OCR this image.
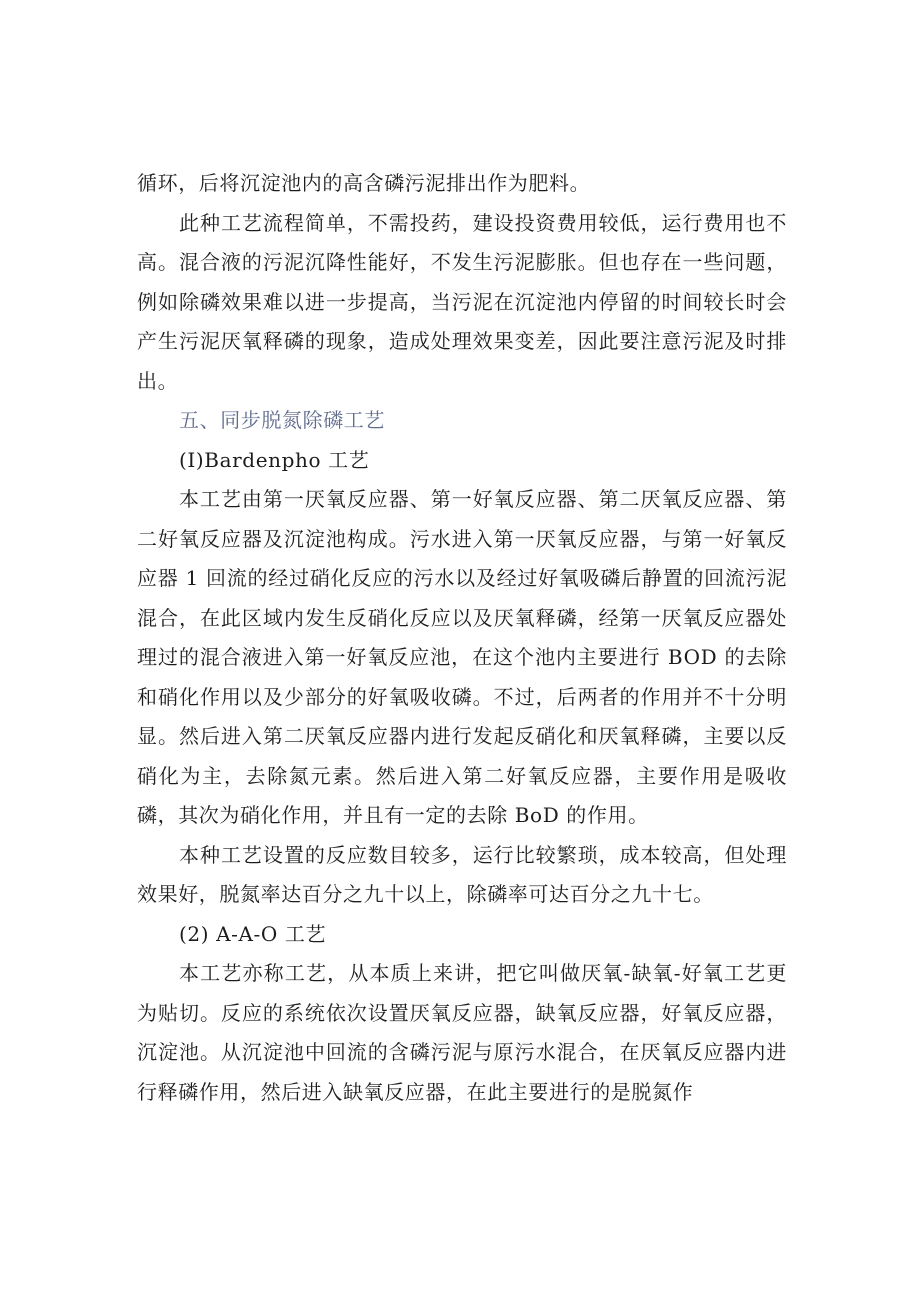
循环，后将沉淀池内的高含磷污泥排出作为肥料。

此种工艺流程简单，不需投药，建设投资费用较低，运行费用也不高。混合液的污泥沉降性能好，不发生污泥膨胀。但也存在一些问题，例如除磷效果难以进一步提高，当污泥在沉淀池内停留的时间较长时会产生污泥厌氧释磷的现象，造成处理效果变差，因此要注意污泥及时排出。

五、同步脱氮除磷工艺

(I)Bardenpho 工艺

本工艺由第一厌氧反应器、第一好氧反应器、第二厌氧反应器、第二好氧反应器及沉淀池构成。污水进入第一厌氧反应器，与第一好氧反应器 1 回流的经过硝化反应的污水以及经过好氧吸磷后静置的回流污泥混合，在此区域内发生反硝化反应以及厌氧释磷，经第一厌氧反应器处理过的混合液进入第一好氧反应池，在这个池内主要进行 BOD 的去除和硝化作用以及少部分的好氧吸收磷。不过，后两者的作用并不十分明显。然后进入第二厌氧反应器内进行发起反硝化和厌氧释磷，主要以反硝化为主，去除氮元素。然后进入第二好氧反应器，主要作用是吸收磷，其次为硝化作用，并且有一定的去除 BoD 的作用。

本种工艺设置的反应数目较多，运行比较繁琐，成本较高，但处理效果好，脱氮率达百分之九十以上，除磷率可达百分之九十七。

(2) A-A-O 工艺

本工艺亦称工艺，从本质上来讲，把它叫做厌氧-缺氧-好氧工艺更为贴切。反应的系统依次设置厌氧反应器，缺氧反应器，好氧反应器，沉淀池。从沉淀池中回流的含磷污泥与原污水混合，在厌氧反应器内进行释磷作用，然后进入缺氧反应器，在此主要进行的是脱氮作
